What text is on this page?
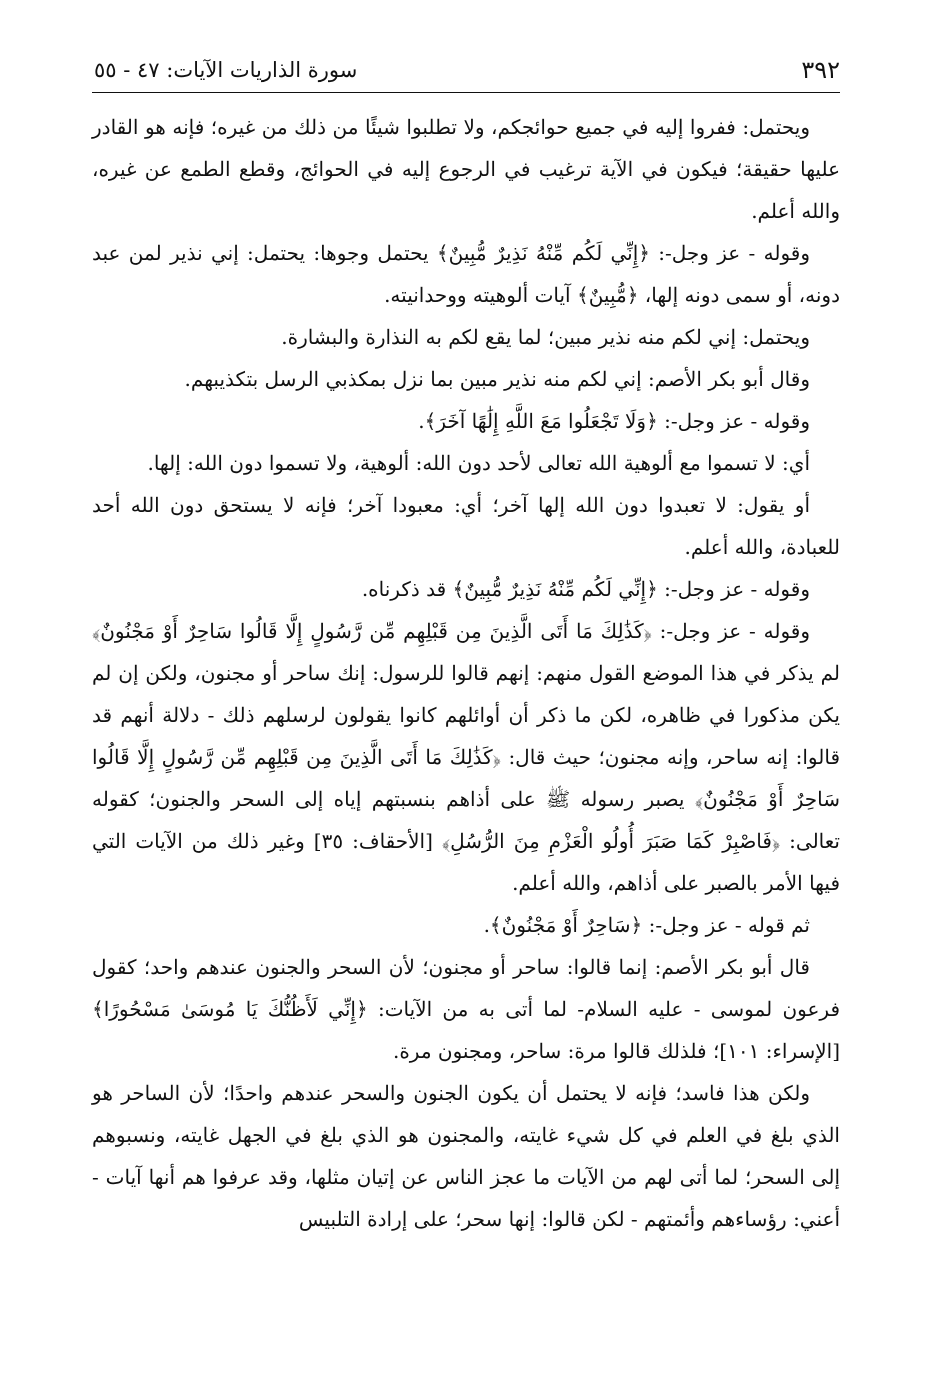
٣٩٢
سورة الذاريات الآيات: ٤٧ - ٥٥

ويحتمل: ففروا إليه في جميع حوائجكم، ولا تطلبوا شيئًا من ذلك من غيره؛ فإنه هو القادر عليها حقيقة؛ فيكون في الآية ترغيب في الرجوع إليه في الحوائج، وقطع الطمع عن غيره، والله أعلم.

وقوله - عز وجل-: ﴿إِنِّي لَكُم مِّنْهُ نَذِيرٌ مُّبِينٌ﴾ يحتمل وجوها: يحتمل: إني نذير لمن عبد دونه، أو سمى دونه إلها، ﴿مُّبِينٌ﴾ آيات ألوهيته ووحدانيته.

ويحتمل: إني لكم منه نذير مبين؛ لما يقع لكم به النذارة والبشارة.

وقال أبو بكر الأصم: إني لكم منه نذير مبين بما نزل بمكذبي الرسل بتكذيبهم.

وقوله - عز وجل-: ﴿وَلَا تَجْعَلُوا مَعَ اللَّهِ إِلَٰهًا آخَرَ﴾.

أي: لا تسموا مع ألوهية الله تعالى لأحد دون الله: ألوهية، ولا تسموا دون الله: إلها.

أو يقول: لا تعبدوا دون الله إلها آخر؛ أي: معبودا آخر؛ فإنه لا يستحق دون الله أحد للعبادة، والله أعلم.

وقوله - عز وجل-: ﴿إِنِّي لَكُم مِّنْهُ نَذِيرٌ مُّبِينٌ﴾ قد ذكرناه.

وقوله - عز وجل-: ﴿كَذَٰلِكَ مَا أَتَى الَّذِينَ مِن قَبْلِهِم مِّن رَّسُولٍ إِلَّا قَالُوا سَاحِرٌ أَوْ مَجْنُونٌ﴾ لم يذكر في هذا الموضع القول منهم: إنهم قالوا للرسول: إنك ساحر أو مجنون، ولكن إن لم يكن مذكورا في ظاهره، لكن ما ذكر أن أوائلهم كانوا يقولون لرسلهم ذلك - دلالة أنهم قد قالوا: إنه ساحر، وإنه مجنون؛ حيث قال: ﴿كَذَٰلِكَ مَا أَتَى الَّذِينَ مِن قَبْلِهِم مِّن رَّسُولٍ إِلَّا قَالُوا سَاحِرٌ أَوْ مَجْنُونٌ﴾ يصبر رسوله ﷺ على أذاهم بنسبتهم إياه إلى السحر والجنون؛ كقوله تعالى: ﴿فَاصْبِرْ كَمَا صَبَرَ أُولُو الْعَزْمِ مِنَ الرُّسُلِ﴾ [الأحقاف: ٣٥] وغير ذلك من الآيات التي فيها الأمر بالصبر على أذاهم، والله أعلم.

ثم قوله - عز وجل-: ﴿سَاحِرٌ أَوْ مَجْنُونٌ﴾.

قال أبو بكر الأصم: إنما قالوا: ساحر أو مجنون؛ لأن السحر والجنون عندهم واحد؛ كقول فرعون لموسى - عليه السلام- لما أتى به من الآيات: ﴿إِنِّي لَأَظُنُّكَ يَا مُوسَىٰ مَسْحُورًا﴾ [الإسراء: ١٠١]؛ فلذلك قالوا مرة: ساحر، ومجنون مرة.

ولكن هذا فاسد؛ فإنه لا يحتمل أن يكون الجنون والسحر عندهم واحدًا؛ لأن الساحر هو الذي بلغ في العلم في كل شيء غايته، والمجنون هو الذي بلغ في الجهل غايته، ونسبوهم إلى السحر؛ لما أتى لهم من الآيات ما عجز الناس عن إتيان مثلها، وقد عرفوا هم أنها آيات - أعني: رؤساءهم وأئمتهم - لكن قالوا: إنها سحر؛ على إرادة التلبيس
